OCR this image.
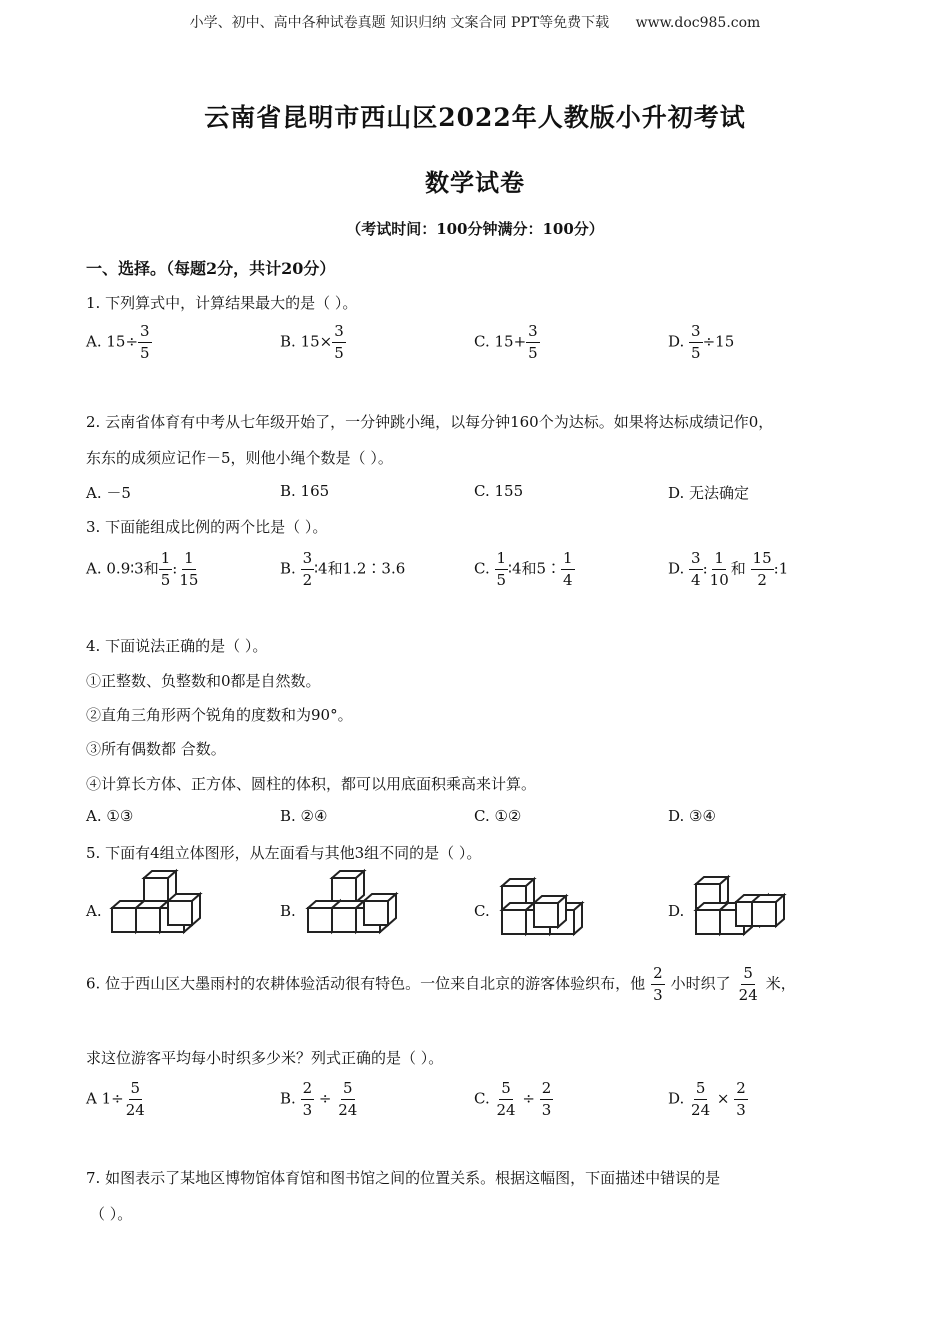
小学、初中、高中各种试卷真题 知识归纳 文案合同 PPT等免费下载 www.doc985.com
云南省昆明市西山区2022年人教版小升初考试
数学试卷
（考试时间：100分钟满分：100分）
一、选择。（每题2分，共计20分）
1. 下列算式中，计算结果最大的是（ ）。
A. $15\div \frac{3}{5}$	B. $15\times \frac{3}{5}$	C. $15+ \frac{3}{5}$	D. $\frac{3}{5} \div 15$
2. 云南省体育有中考从七年级开始了，一分钟跳小绳，以每分钟160个为达标。如果将达标成绩记作0，
东东的成须应记作－5，则他小绳个数是（ ）。
A. －5	B. 165	C. 155	D. 无法确定
3. 下面能组成比例的两个比是（ ）。
A. 0.9∶3和 $\frac{1}{5}$ : $\frac{1}{15}$	B. $\frac{3}{2}$ ∶4和1.2∶3.6	C. $\frac{1}{5}$ ∶4和5∶ $\frac{1}{4}$	D. $\frac{3}{4}$ : $\frac{1}{10}$ 和 $\frac{15}{2}$ :1
4. 下面说法正确的是（ ）。
①正整数、负整数和0都是自然数。
②直角三角形两个锐角的度数和为90°。
③所有偶数都 合数。
④计算长方体、正方体、圆柱的体积，都可以用底面积乘高来计算。
A. ①③	B. ②④	C. ①②	D. ③④
5. 下面有4组立体图形，从左面看与其他3组不同的是（ ）。
A.	B.	C.	D.
6. 位于西山区大墨雨村的农耕体验活动很有特色。一位来自北京的游客体验织布，他 $\frac{2}{3}$ 小时织了 $\frac{5}{24}$ 米，
求这位游客平均每小时织多少米？列式正确的是（ ）。
A $1\div \frac{5}{24}$	B. $\frac{2}{3} \div \frac{5}{24}$	C. $\frac{5}{24} \div \frac{2}{3}$	D. $\frac{5}{24} \times \frac{2}{3}$
7. 如图表示了某地区博物馆体育馆和图书馆之间的位置关系。根据这幅图，下面描述中错误的是
（ ）。
